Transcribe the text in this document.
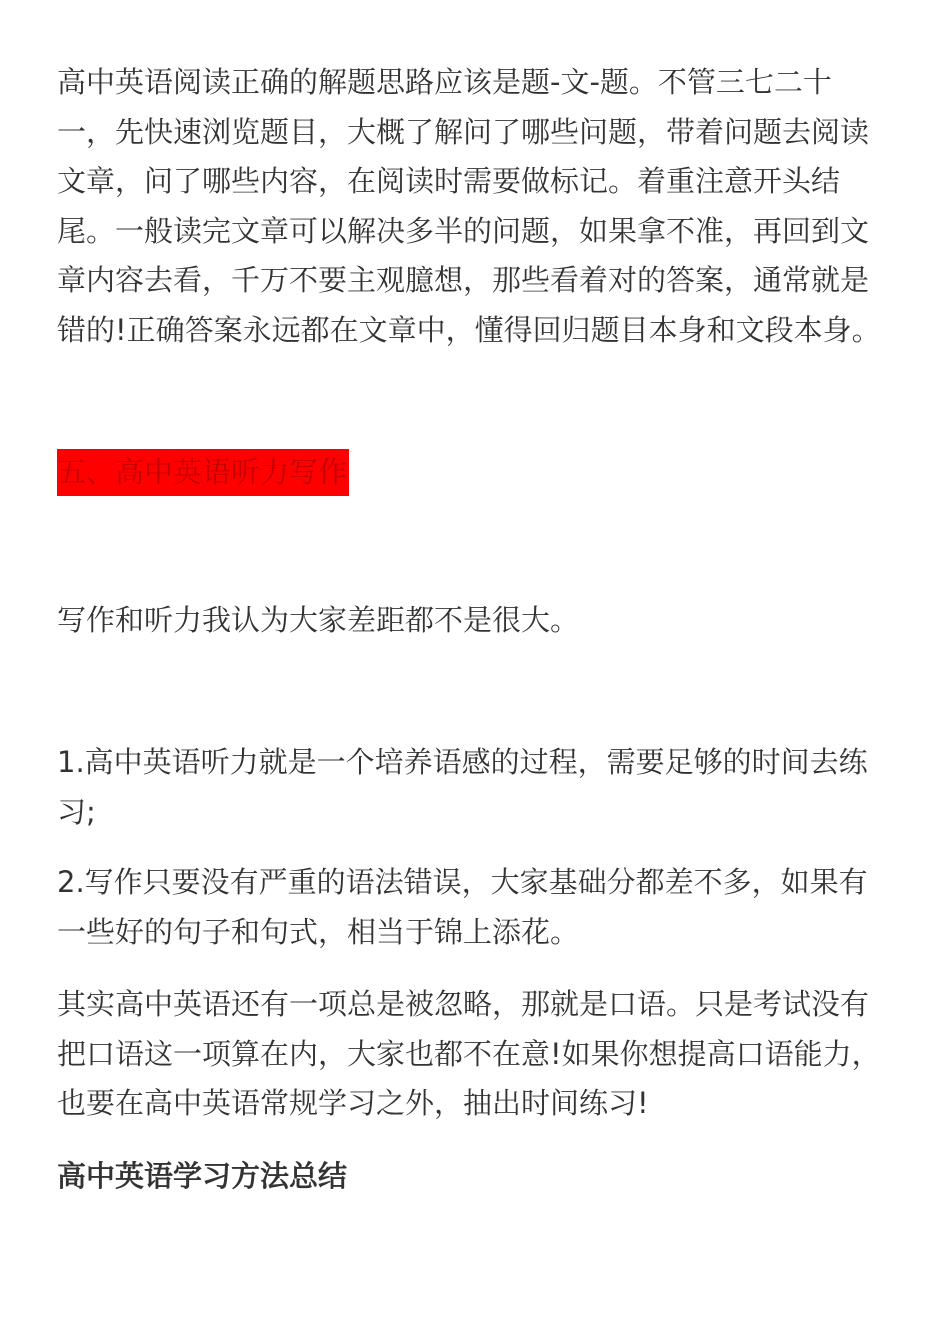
高中英语阅读正确的解题思路应该是题-文-题。不管三七二十一，先快速浏览题目，大概了解问了哪些问题，带着问题去阅读文章，问了哪些内容，在阅读时需要做标记。着重注意开头结尾。一般读完文章可以解决多半的问题，如果拿不准，再回到文章内容去看，千万不要主观臆想，那些看着对的答案，通常就是错的!正确答案永远都在文章中，懂得回归题目本身和文段本身。

五、高中英语听力写作

写作和听力我认为大家差距都不是很大。

1.高中英语听力就是一个培养语感的过程，需要足够的时间去练习;

2.写作只要没有严重的语法错误，大家基础分都差不多，如果有一些好的句子和句式，相当于锦上添花。

其实高中英语还有一项总是被忽略，那就是口语。只是考试没有把口语这一项算在内，大家也都不在意!如果你想提高口语能力，也要在高中英语常规学习之外，抽出时间练习!

高中英语学习方法总结
